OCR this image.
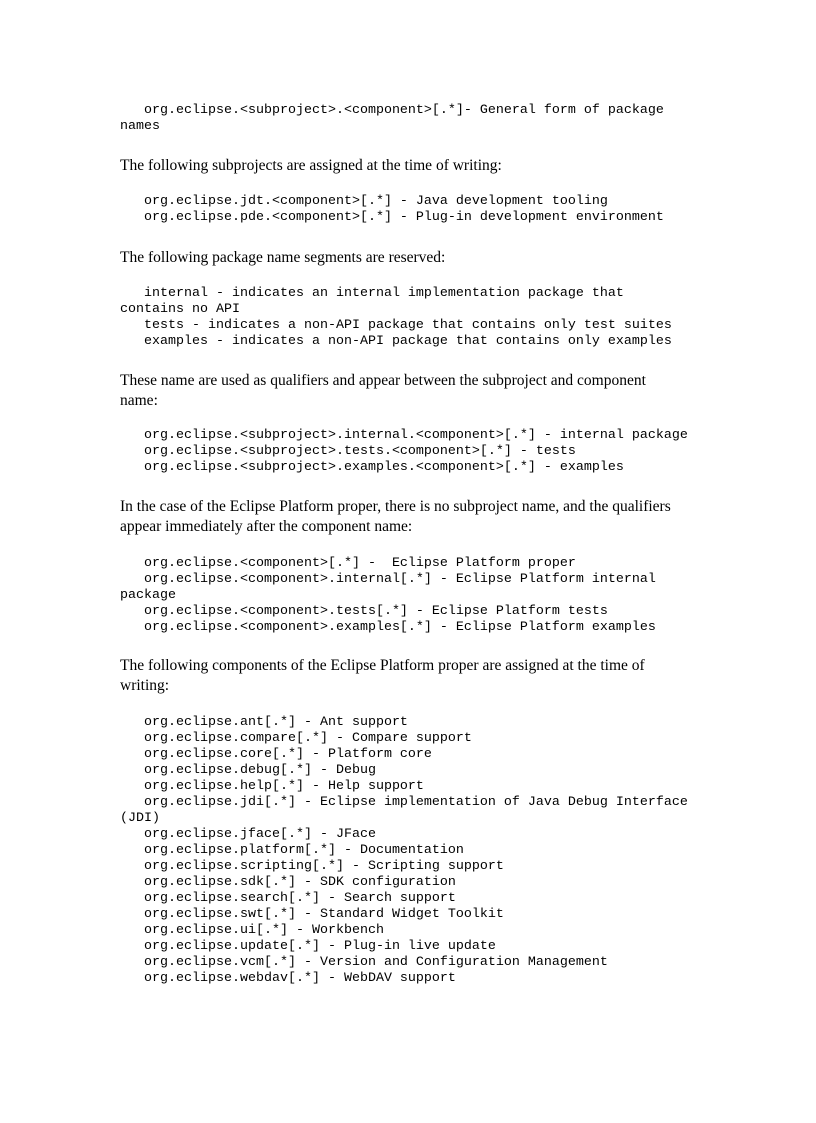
org.eclipse.<subproject>.<component>[.*]- General form of package
names

The following subprojects are assigned at the time of writing:

org.eclipse.jdt.<component>[.*] - Java development tooling
org.eclipse.pde.<component>[.*] - Plug-in development environment

The following package name segments are reserved:

internal - indicates an internal implementation package that
contains no API
tests - indicates a non-API package that contains only test suites
examples - indicates a non-API package that contains only examples

These name are used as qualifiers and appear between the subproject and component name:

org.eclipse.<subproject>.internal.<component>[.*] - internal package
org.eclipse.<subproject>.tests.<component>[.*] - tests
org.eclipse.<subproject>.examples.<component>[.*] - examples

In the case of the Eclipse Platform proper, there is no subproject name, and the qualifiers appear immediately after the component name:

org.eclipse.<component>[.*] -  Eclipse Platform proper
org.eclipse.<component>.internal[.*] - Eclipse Platform internal
package
org.eclipse.<component>.tests[.*] - Eclipse Platform tests
org.eclipse.<component>.examples[.*] - Eclipse Platform examples

The following components of the Eclipse Platform proper are assigned at the time of writing:

org.eclipse.ant[.*] - Ant support
org.eclipse.compare[.*] - Compare support
org.eclipse.core[.*] - Platform core
org.eclipse.debug[.*] - Debug
org.eclipse.help[.*] - Help support
org.eclipse.jdi[.*] - Eclipse implementation of Java Debug Interface
(JDI)
org.eclipse.jface[.*] - JFace
org.eclipse.platform[.*] - Documentation
org.eclipse.scripting[.*] - Scripting support
org.eclipse.sdk[.*] - SDK configuration
org.eclipse.search[.*] - Search support
org.eclipse.swt[.*] - Standard Widget Toolkit
org.eclipse.ui[.*] - Workbench
org.eclipse.update[.*] - Plug-in live update
org.eclipse.vcm[.*] - Version and Configuration Management
org.eclipse.webdav[.*] - WebDAV support
